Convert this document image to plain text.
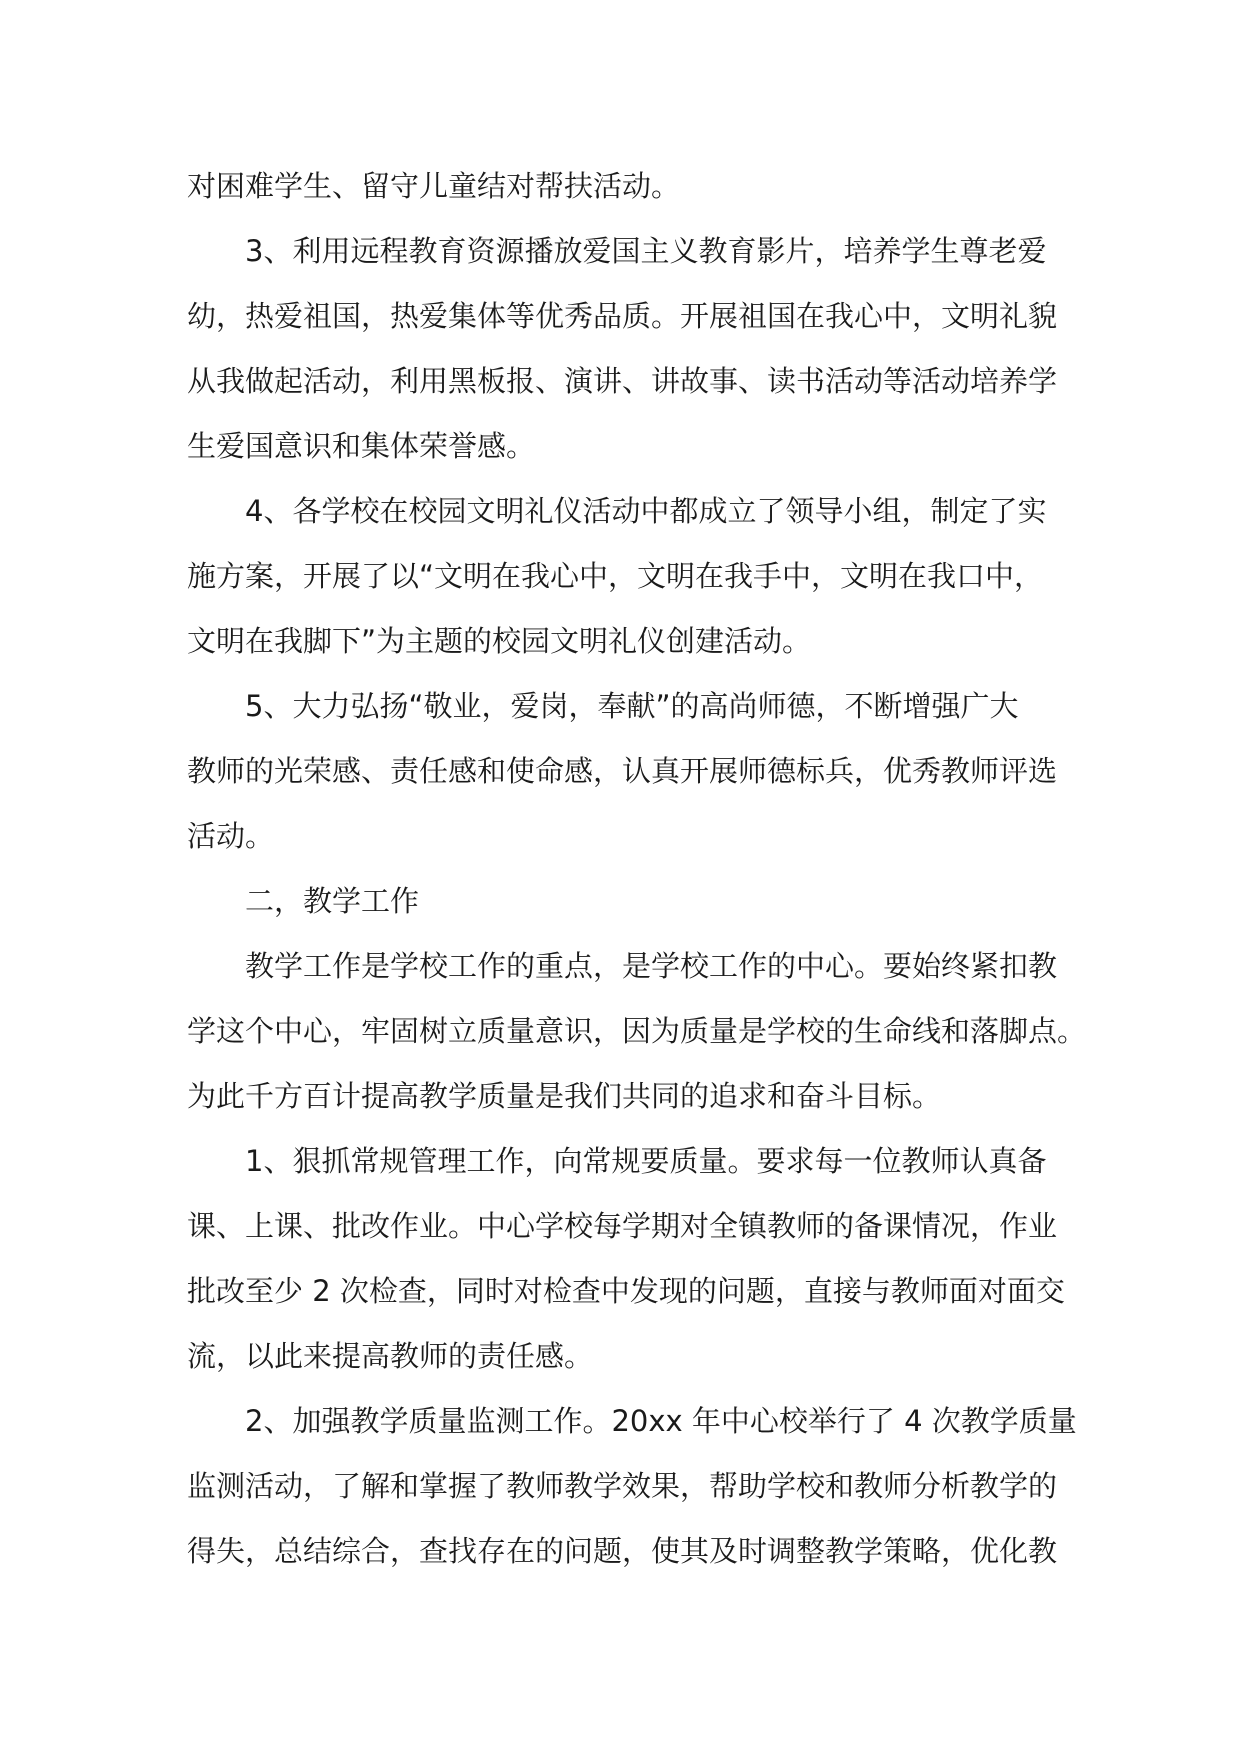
对困难学生、留守儿童结对帮扶活动。

3、利用远程教育资源播放爱国主义教育影片，培养学生尊老爱
幼，热爱祖国，热爱集体等优秀品质。开展祖国在我心中，文明礼貌
从我做起活动，利用黑板报、演讲、讲故事、读书活动等活动培养学
生爱国意识和集体荣誉感。

4、各学校在校园文明礼仪活动中都成立了领导小组，制定了实
施方案，开展了以“文明在我心中，文明在我手中，文明在我口中，
文明在我脚下”为主题的校园文明礼仪创建活动。

5、大力弘扬“敬业，爱岗，奉献”的高尚师德，不断增强广大
教师的光荣感、责任感和使命感，认真开展师德标兵，优秀教师评选
活动。

二，教学工作

教学工作是学校工作的重点，是学校工作的中心。要始终紧扣教
学这个中心，牢固树立质量意识，因为质量是学校的生命线和落脚点。
为此千方百计提高教学质量是我们共同的追求和奋斗目标。

1、狠抓常规管理工作，向常规要质量。要求每一位教师认真备
课、上课、批改作业。中心学校每学期对全镇教师的备课情况，作业
批改至少 2 次检查，同时对检查中发现的问题，直接与教师面对面交
流，以此来提高教师的责任感。

2、加强教学质量监测工作。20xx 年中心校举行了 4 次教学质量
监测活动，了解和掌握了教师教学效果，帮助学校和教师分析教学的
得失，总结综合，查找存在的问题，使其及时调整教学策略，优化教
